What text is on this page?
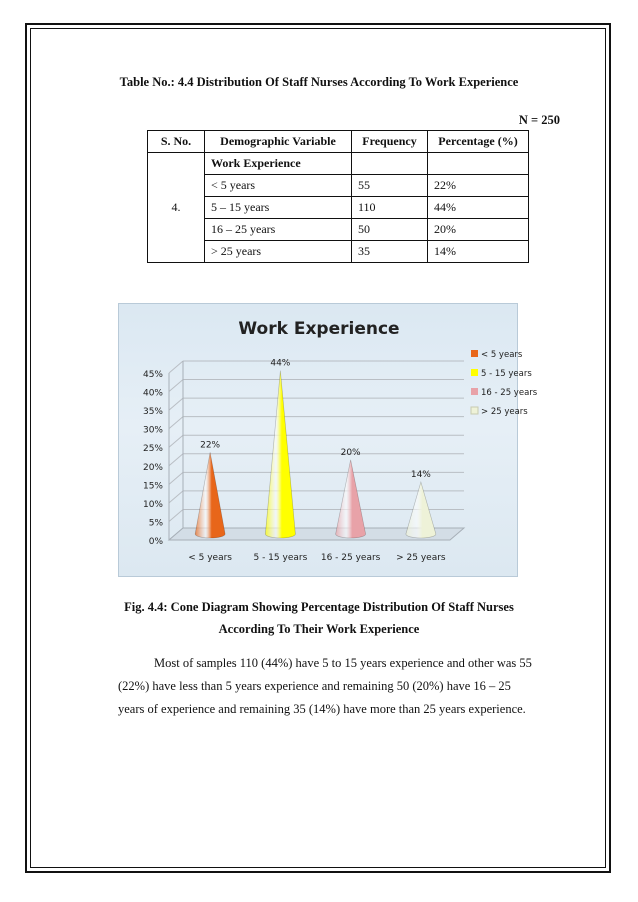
Table No.: 4.4 Distribution Of Staff Nurses According To Work Experience
N = 250
S. No.	Demographic Variable	Frequency	Percentage (%)
4.	Work Experience		
	< 5 years	55	22%
	5 – 15 years	110	44%
	16 – 25 years	50	20%
	> 25 years	35	14%
Work Experience
0%
5%
10%
15%
20%
25%
30%
35%
40%
45%
22%
44%
20%
14%
< 5 years 5 - 15 years 16 - 25 years > 25 years
< 5 years
5 - 15 years
16 - 25 years
> 25 years
Fig. 4.4: Cone Diagram Showing Percentage Distribution Of Staff Nurses
According To Their Work Experience

Most of samples 110 (44%) have 5 to 15 years experience and other was 55 (22%) have less than 5 years experience and remaining 50 (20%) have 16 – 25 years of experience and remaining 35 (14%) have more than 25 years experience.
